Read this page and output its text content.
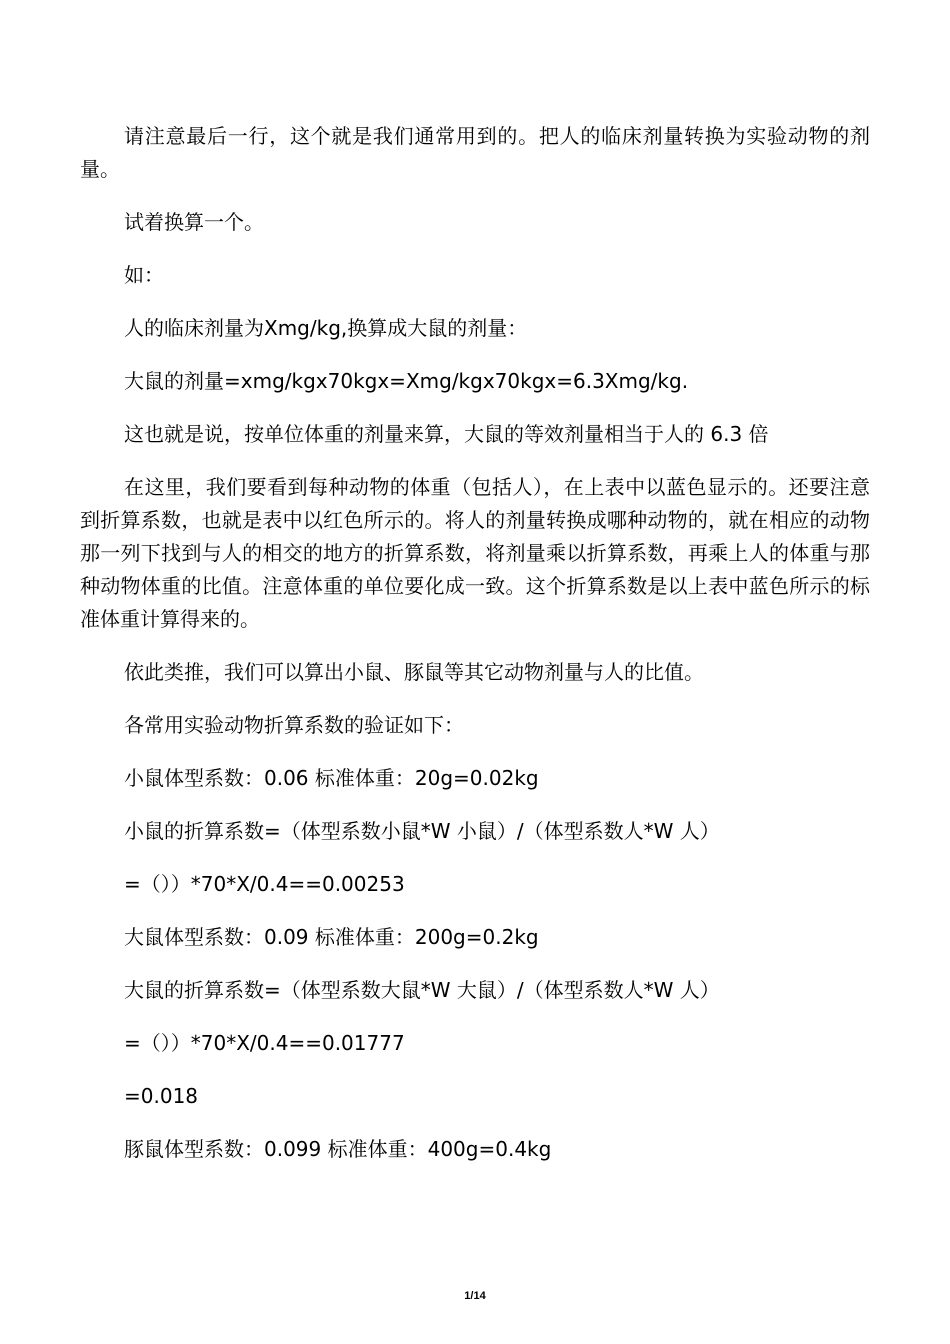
请注意最后一行，这个就是我们通常用到的。把人的临床剂量转换为实验动物的剂量。

试着换算一个。

如：

人的临床剂量为Xmg/kg,换算成大鼠的剂量：

大鼠的剂量=xmg/kgx70kgx=Xmg/kgx70kgx=6.3Xmg/kg.

这也就是说，按单位体重的剂量来算，大鼠的等效剂量相当于人的 6.3 倍

在这里，我们要看到每种动物的体重（包括人），在上表中以蓝色显示的。还要注意到折算系数，也就是表中以红色所示的。将人的剂量转换成哪种动物的，就在相应的动物那一列下找到与人的相交的地方的折算系数，将剂量乘以折算系数，再乘上人的体重与那种动物体重的比值。注意体重的单位要化成一致。这个折算系数是以上表中蓝色所示的标准体重计算得来的。

依此类推，我们可以算出小鼠、豚鼠等其它动物剂量与人的比值。

各常用实验动物折算系数的验证如下：

小鼠体型系数：0.06 标准体重：20g=0.02kg

小鼠的折算系数=（体型系数小鼠*W 小鼠）/（体型系数人*W 人）

=（））*70*X/0.4==0.00253

大鼠体型系数：0.09 标准体重：200g=0.2kg

大鼠的折算系数=（体型系数大鼠*W 大鼠）/（体型系数人*W 人）

=（））*70*X/0.4==0.01777

=0.018

豚鼠体型系数：0.099 标准体重：400g=0.4kg

1/14
